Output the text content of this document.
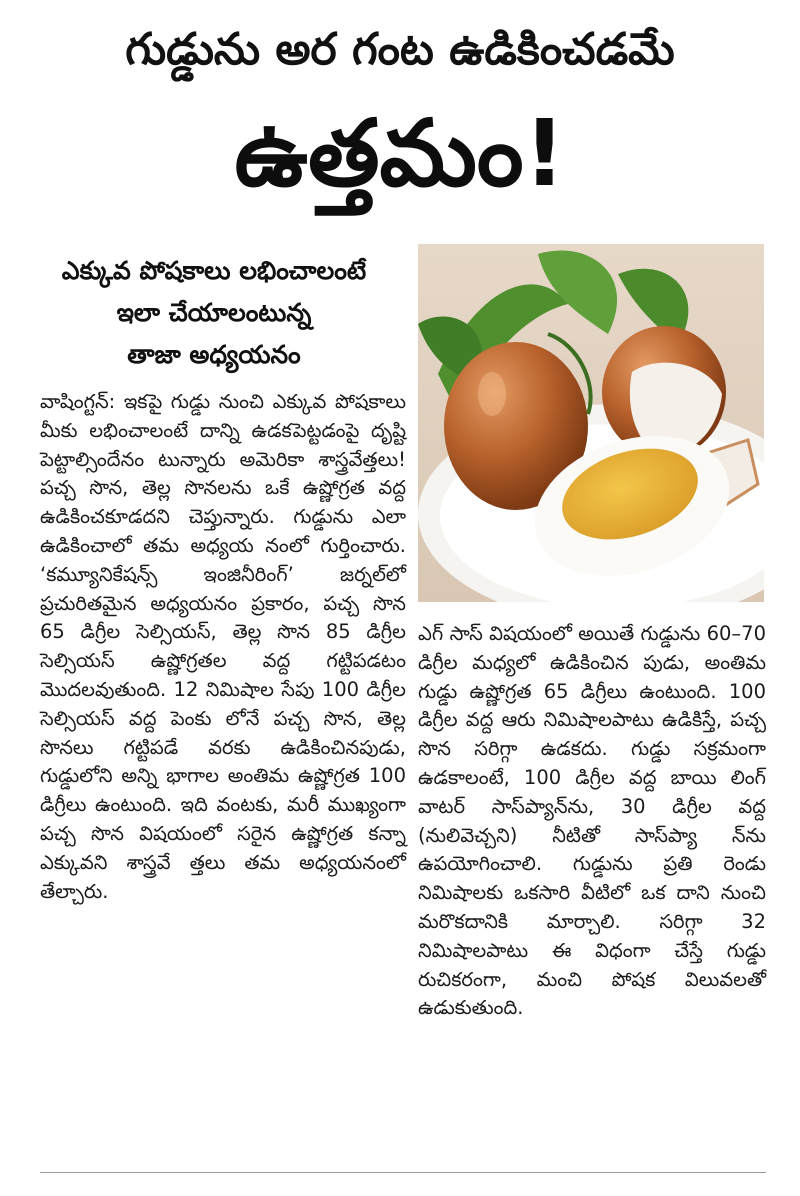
గుడ్డును అర గంట ఉడికించడమే
ఉత్తమం!
ఎక్కువ పోషకాలు లభించాలంటే
ఇలా చేయాలంటున్న
తాజా అధ్యయనం
వాషింగ్టన్: ఇకపై గుడ్డు నుంచి ఎక్కువ పోషకాలు మీకు లభించాలంటే దాన్ని ఉడకపెట్టడంపై దృష్టి పెట్టాల్సిందేనం టున్నారు అమెరికా శాస్త్రవేత్తలు! పచ్చ సొన, తెల్ల సొనలను ఒకే ఉష్ణోగ్రత వద్ద ఉడికించకూడదని చెప్తున్నారు. గుడ్డును ఎలా ఉడికించాలో తమ అధ్యయ నంలో గుర్తించారు. ‘కమ్యూనికేషన్స్ ఇంజినీరింగ్’ జర్నల్‌లో ప్రచురితమైన అధ్యయనం ప్రకారం, పచ్చ సొన 65 డిగ్రీల సెల్సియస్, తెల్ల సొన 85 డిగ్రీల సెల్సియస్ ఉష్ణోగ్రతల వద్ద గట్టిపడటం మొదలవుతుంది. 12 నిమిషాల సేపు 100 డిగ్రీల సెల్సియస్ వద్ద పెంకు లోనే పచ్చ సొన, తెల్ల సొనలు గట్టిపడే వరకు ఉడికించినపుడు, గుడ్డులోని అన్ని భాగాల అంతిమ ఉష్ణోగ్రత 100 డిగ్రీలు ఉంటుంది. ఇది వంటకు, మరీ ముఖ్యంగా పచ్చ సొన విషయంలో సరైన ఉష్ణోగ్రత కన్నా ఎక్కువని శాస్త్రవే త్తలు తమ అధ్యయనంలో తేల్చారు.
ఎగ్ సాస్ విషయంలో అయితే గుడ్డును 60–70 డిగ్రీల మధ్యలో ఉడికించిన పుడు, అంతిమ గుడ్డు ఉష్ణోగ్రత 65 డిగ్రీలు ఉంటుంది. 100 డిగ్రీల వద్ద ఆరు నిమిషాలపాటు ఉడికిస్తే, పచ్చ సొన సరిగ్గా ఉడకదు. గుడ్డు సక్రమంగా ఉడకాలంటే, 100 డిగ్రీల వద్ద బాయి లింగ్ వాటర్ సాస్‌ప్యాన్‌ను, 30 డిగ్రీల వద్ద (నులివెచ్చని) నీటితో సాస్‌ప్యా న్‌ను ఉపయోగించాలి. గుడ్డును ప్రతి రెండు నిమిషాలకు ఒకసారి వీటిలో ఒక దాని నుంచి మరొకదానికి మార్చాలి. సరిగ్గా 32 నిమిషాలపాటు ఈ విధంగా చేస్తే గుడ్డు రుచికరంగా, మంచి పోషక విలువలతో ఉడుకుతుంది.
